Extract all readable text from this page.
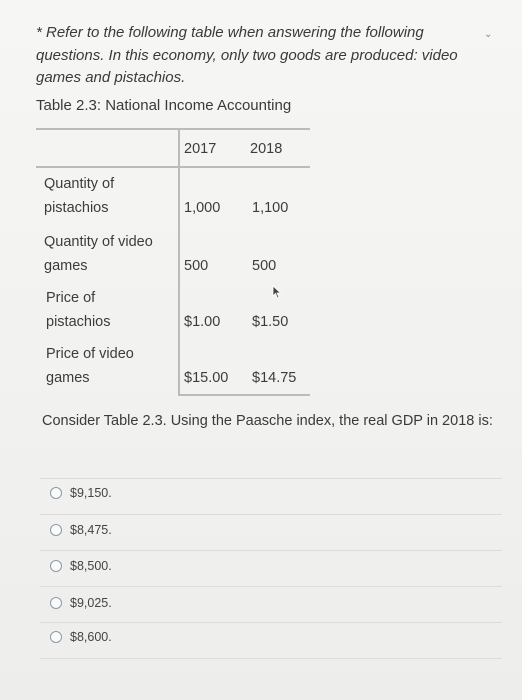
* Refer to the following table when answering the following questions. In this economy, only two goods are produced: video games and pistachios.
⌄
Table 2.3: National Income Accounting
2017 2018
Quantity of pistachios	1,000 1,100
Quantity of video games	500	500
Price of pistachios	$1.00 $1.50
Price of video games	$15.00 $14.75
Consider Table 2.3. Using the Paasche index, the real GDP in 2018 is:
$9,150.
$8,475.
$8,500.
$9,025.
$8,600.
